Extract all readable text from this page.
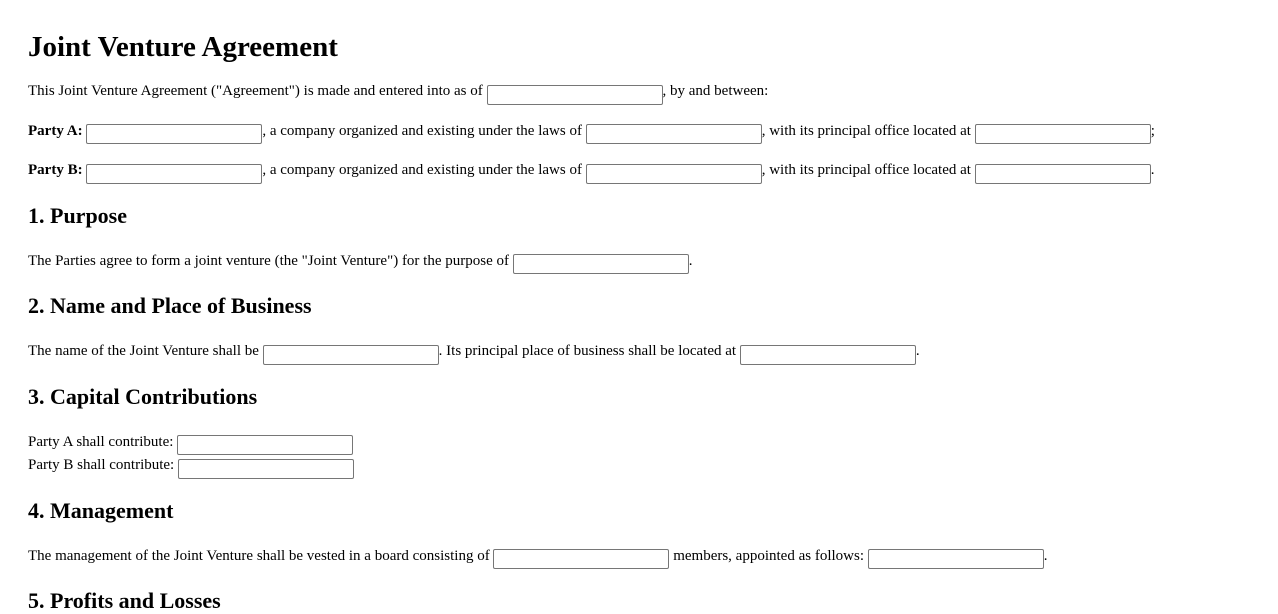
Joint Venture Agreement

This Joint Venture Agreement ("Agreement") is made and entered into as of	, by and between:

Party A:	, a company organized and existing under the laws of	, with its principal office located at	;

Party B:	, a company organized and existing under the laws of	, with its principal office located at	.

1. Purpose

The Parties agree to form a joint venture (the "Joint Venture") for the purpose of	.

2. Name and Place of Business

The name of the Joint Venture shall be	. Its principal place of business shall be located at	.

3. Capital Contributions

Party A shall contribute:

Party B shall contribute:

4. Management

The management of the Joint Venture shall be vested in a board consisting of	members, appointed as follows:	.

5. Profits and Losses
